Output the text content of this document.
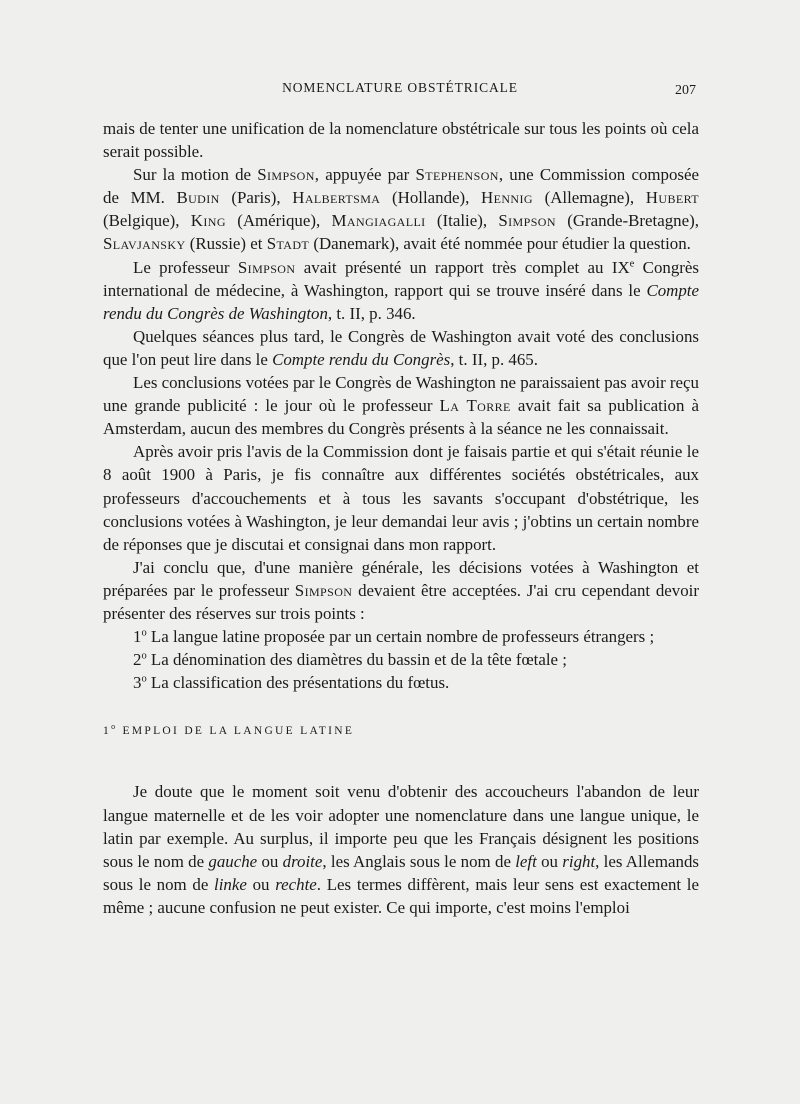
NOMENCLATURE OBSTÉTRICALE	207

mais de tenter une unification de la nomenclature obstétricale sur tous les points où cela serait possible.

Sur la motion de Simpson, appuyée par Stephenson, une Commission composée de MM. Budin (Paris), Halbertsma (Hollande), Hennig (Allemagne), Hubert (Belgique), King (Amérique), Mangiagalli (Italie), Simpson (Grande-Bretagne), Slavjansky (Russie) et Stadt (Danemark), avait été nommée pour étudier la question.

Le professeur Simpson avait présenté un rapport très complet au IXe Congrès international de médecine, à Washington, rapport qui se trouve inséré dans le Compte rendu du Congrès de Washington, t. II, p. 346.

Quelques séances plus tard, le Congrès de Washington avait voté des conclusions que l'on peut lire dans le Compte rendu du Congrès, t. II, p. 465.

Les conclusions votées par le Congrès de Washington ne paraissaient pas avoir reçu une grande publicité : le jour où le professeur La Torre avait fait sa publication à Amsterdam, aucun des membres du Congrès présents à la séance ne les connaissait.

Après avoir pris l'avis de la Commission dont je faisais partie et qui s'était réunie le 8 août 1900 à Paris, je fis connaître aux différentes sociétés obstétricales, aux professeurs d'accouchements et à tous les savants s'occupant d'obstétrique, les conclusions votées à Washington, je leur demandai leur avis ; j'obtins un certain nombre de réponses que je discutai et consignai dans mon rapport.

J'ai conclu que, d'une manière générale, les décisions votées à Washington et préparées par le professeur Simpson devaient être acceptées. J'ai cru cependant devoir présenter des réserves sur trois points :

1$^o$ La langue latine proposée par un certain nombre de professeurs étrangers ;

2$^o$ La dénomination des diamètres du bassin et de la tête fœtale ;

3$^o$ La classification des présentations du fœtus.

1$^o$ EMPLOI DE LA LANGUE LATINE

Je doute que le moment soit venu d'obtenir des accoucheurs l'abandon de leur langue maternelle et de les voir adopter une nomenclature dans une langue unique, le latin par exemple. Au surplus, il importe peu que les Français désignent les positions sous le nom de gauche ou droite, les Anglais sous le nom de left ou right, les Allemands sous le nom de linke ou rechte. Les termes diffèrent, mais leur sens est exactement le même ; aucune confusion ne peut exister. Ce qui importe, c'est moins l'emploi
